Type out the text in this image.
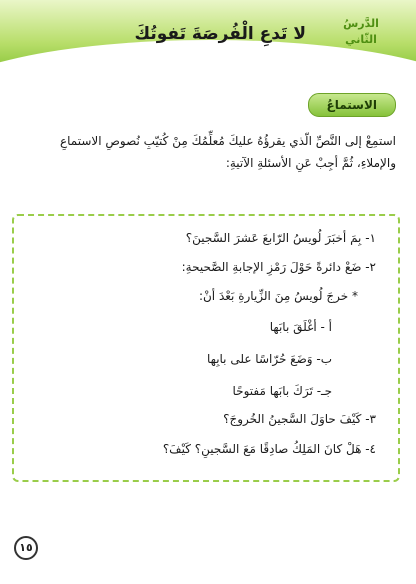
لا تَدعِ الْفُرصَةَ تَفوتُكَ
الدَّرسُ
الثّاني
الاستماعُ
استمِعْ إلى النَّصِّ الّذي يقرؤُهُ عليكَ مُعلِّمُكَ مِنْ كُتيّبِ نُصوصِ الاستماعِ والإملاءِ، ثُمَّ أجِبْ عَنِ الأسئلةِ الآتيةِ:
١- بِمَ أخبَرَ لُويسُ الرّابعَ عَشرَ السَّجينَ؟
٢- ضَعْ دائرةً حَوْلَ رَمْزِ الإجابةِ الصَّحيحةِ:
* خرجَ لُويسُ مِنَ الزِّيارةِ بَعْدَ أنْ:
أ - أغْلَقَ بابَها
ب- وَضَعَ حُرّاسًا على بابِها
جـ- تَرَكَ بابَها مَفتوحًا
٣- كَيْفَ حاوَلَ السَّجينُ الخُروجَ؟
٤- هَلْ كانَ المَلِكُ صادِقًا مَعَ السَّجينِ؟ كَيْفَ؟
١٥
